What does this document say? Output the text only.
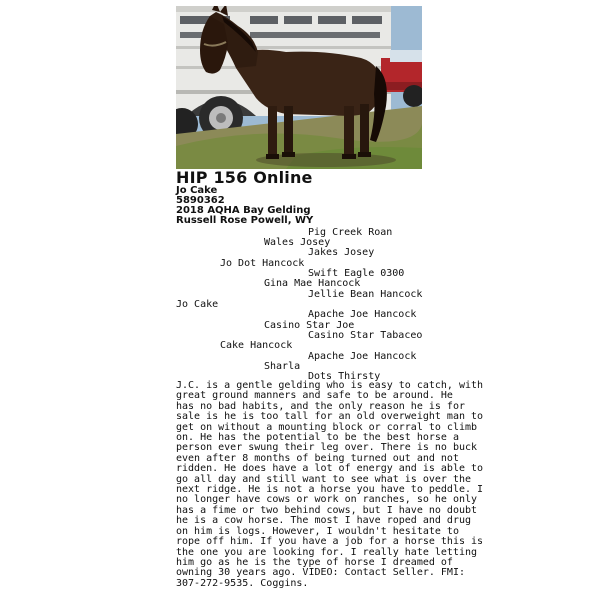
HIP 156 Online
Jo Cake
5890362
2018 AQHA Bay Gelding
Russell Rose Powell, WY
Pig Creek Roan
Wales Josey
Jakes Josey
Jo Dot Hancock
Swift Eagle 0300
Gina Mae Hancock
Jellie Bean Hancock
Jo Cake
Apache Joe Hancock
Casino Star Joe
Casino Star Tabaceo
Cake Hancock
Apache Joe Hancock
Sharla
Dots Thirsty
J.C. is a gentle gelding who is easy to catch, with
great ground manners and safe to be around. He
has no bad habits, and the only reason he is for
sale is he is too tall for an old overweight man to
get on without a mounting block or corral to climb
on. He has the potential to be the best horse a
person ever swung their leg over. There is no buck
even after 8 months of being turned out and not
ridden. He does have a lot of energy and is able to
go all day and still want to see what is over the
next ridge. He is not a horse you have to peddle. I
no longer have cows or work on ranches, so he only
has a fime or two behind cows, but I have no doubt
he is a cow horse. The most I have roped and drug
on him is logs. However, I wouldn't hesitate to
rope off him. If you have a job for a horse this is
the one you are looking for. I really hate letting
him go as he is the type of horse I dreamed of
owning 30 years ago. VIDEO: Contact Seller. FMI:
307-272-9535. Coggins.
